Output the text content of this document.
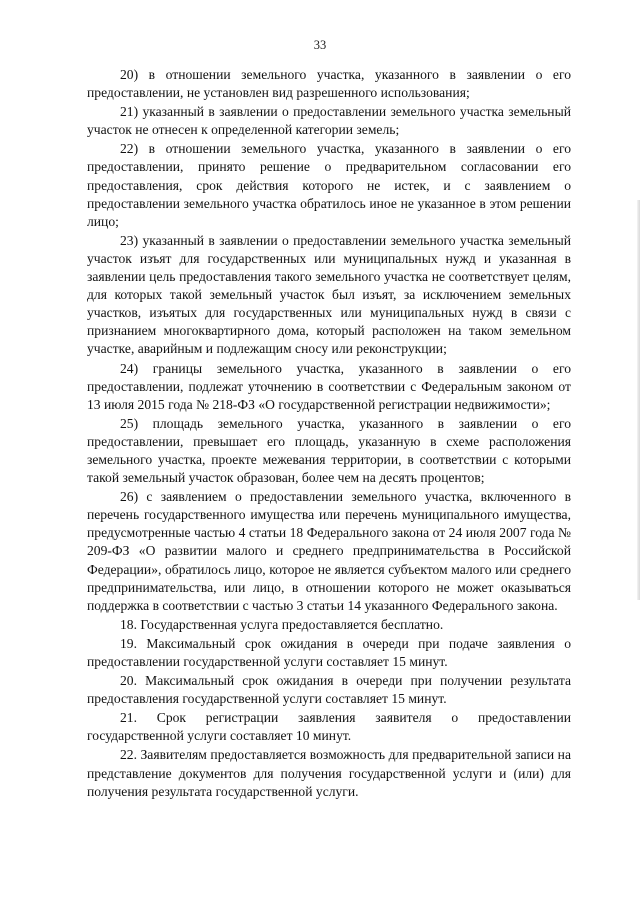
33

20) в отношении земельного участка, указанного в заявлении о его предоставлении, не установлен вид разрешенного использования;

21) указанный в заявлении о предоставлении земельного участка земельный участок не отнесен к определенной категории земель;

22) в отношении земельного участка, указанного в заявлении о его предоставлении, принято решение о предварительном согласовании его предоставления, срок действия которого не истек, и с заявлением о предоставлении земельного участка обратилось иное не указанное в этом решении лицо;

23) указанный в заявлении о предоставлении земельного участка земельный участок изъят для государственных или муниципальных нужд и указанная в заявлении цель предоставления такого земельного участка не соответствует целям, для которых такой земельный участок был изъят, за исключением земельных участков, изъятых для государственных или муниципальных нужд в связи с признанием многоквартирного дома, который расположен на таком земельном участке, аварийным и подлежащим сносу или реконструкции;

24) границы земельного участка, указанного в заявлении о его предоставлении, подлежат уточнению в соответствии с Федеральным законом от 13 июля 2015 года № 218-ФЗ «О государственной регистрации недвижимости»;

25) площадь земельного участка, указанного в заявлении о его предоставлении, превышает его площадь, указанную в схеме расположения земельного участка, проекте межевания территории, в соответствии с которыми такой земельный участок образован, более чем на десять процентов;

26) с заявлением о предоставлении земельного участка, включенного в перечень государственного имущества или перечень муниципального имущества, предусмотренные частью 4 статьи 18 Федерального закона от 24 июля 2007 года № 209-ФЗ «О развитии малого и среднего предпринимательства в Российской Федерации», обратилось лицо, которое не является субъектом малого или среднего предпринимательства, или лицо, в отношении которого не может оказываться поддержка в соответствии с частью 3 статьи 14 указанного Федерального закона.

18. Государственная услуга предоставляется бесплатно.

19. Максимальный срок ожидания в очереди при подаче заявления о предоставлении государственной услуги составляет 15 минут.

20. Максимальный срок ожидания в очереди при получении результата предоставления государственной услуги составляет 15 минут.

21. Срок регистрации заявления заявителя о предоставлении государственной услуги составляет 10 минут.

22. Заявителям предоставляется возможность для предварительной записи на представление документов для получения государственной услуги и (или) для получения результата государственной услуги.
